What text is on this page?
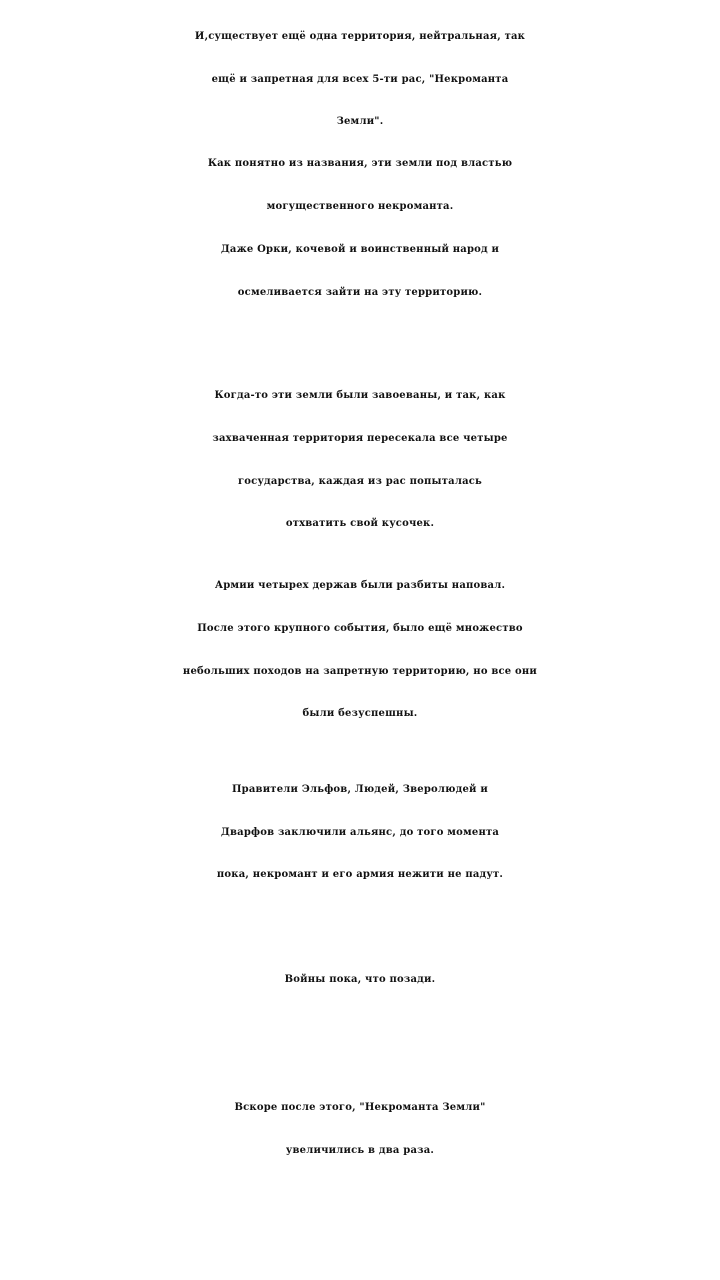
И,существует ещё одна территория, нейтральная, так
ещё и запретная для всех 5-ти рас, "Некроманта
Земли".
Как понятно из названия, эти земли под властью
могущественного некроманта.
Даже Орки, кочевой и воинственный народ и
осмеливается зайти на эту территорию.
Когда-то эти земли были завоеваны, и так, как
захваченная территория пересекала все четыре
государства, каждая из рас попыталась
отхватить свой кусочек.
Армии четырех держав были разбиты наповал.
После этого крупного события, было ещё множество
небольших походов на запретную территорию, но все они
были безуспешны.
Правители Эльфов, Людей, Зверолюдей и
Дварфов заключили альянс, до того момента
пока, некромант и его армия нежити не падут.
Войны пока, что позади.
Вскоре после этого, "Некроманта Земли"
увеличились в два раза.
